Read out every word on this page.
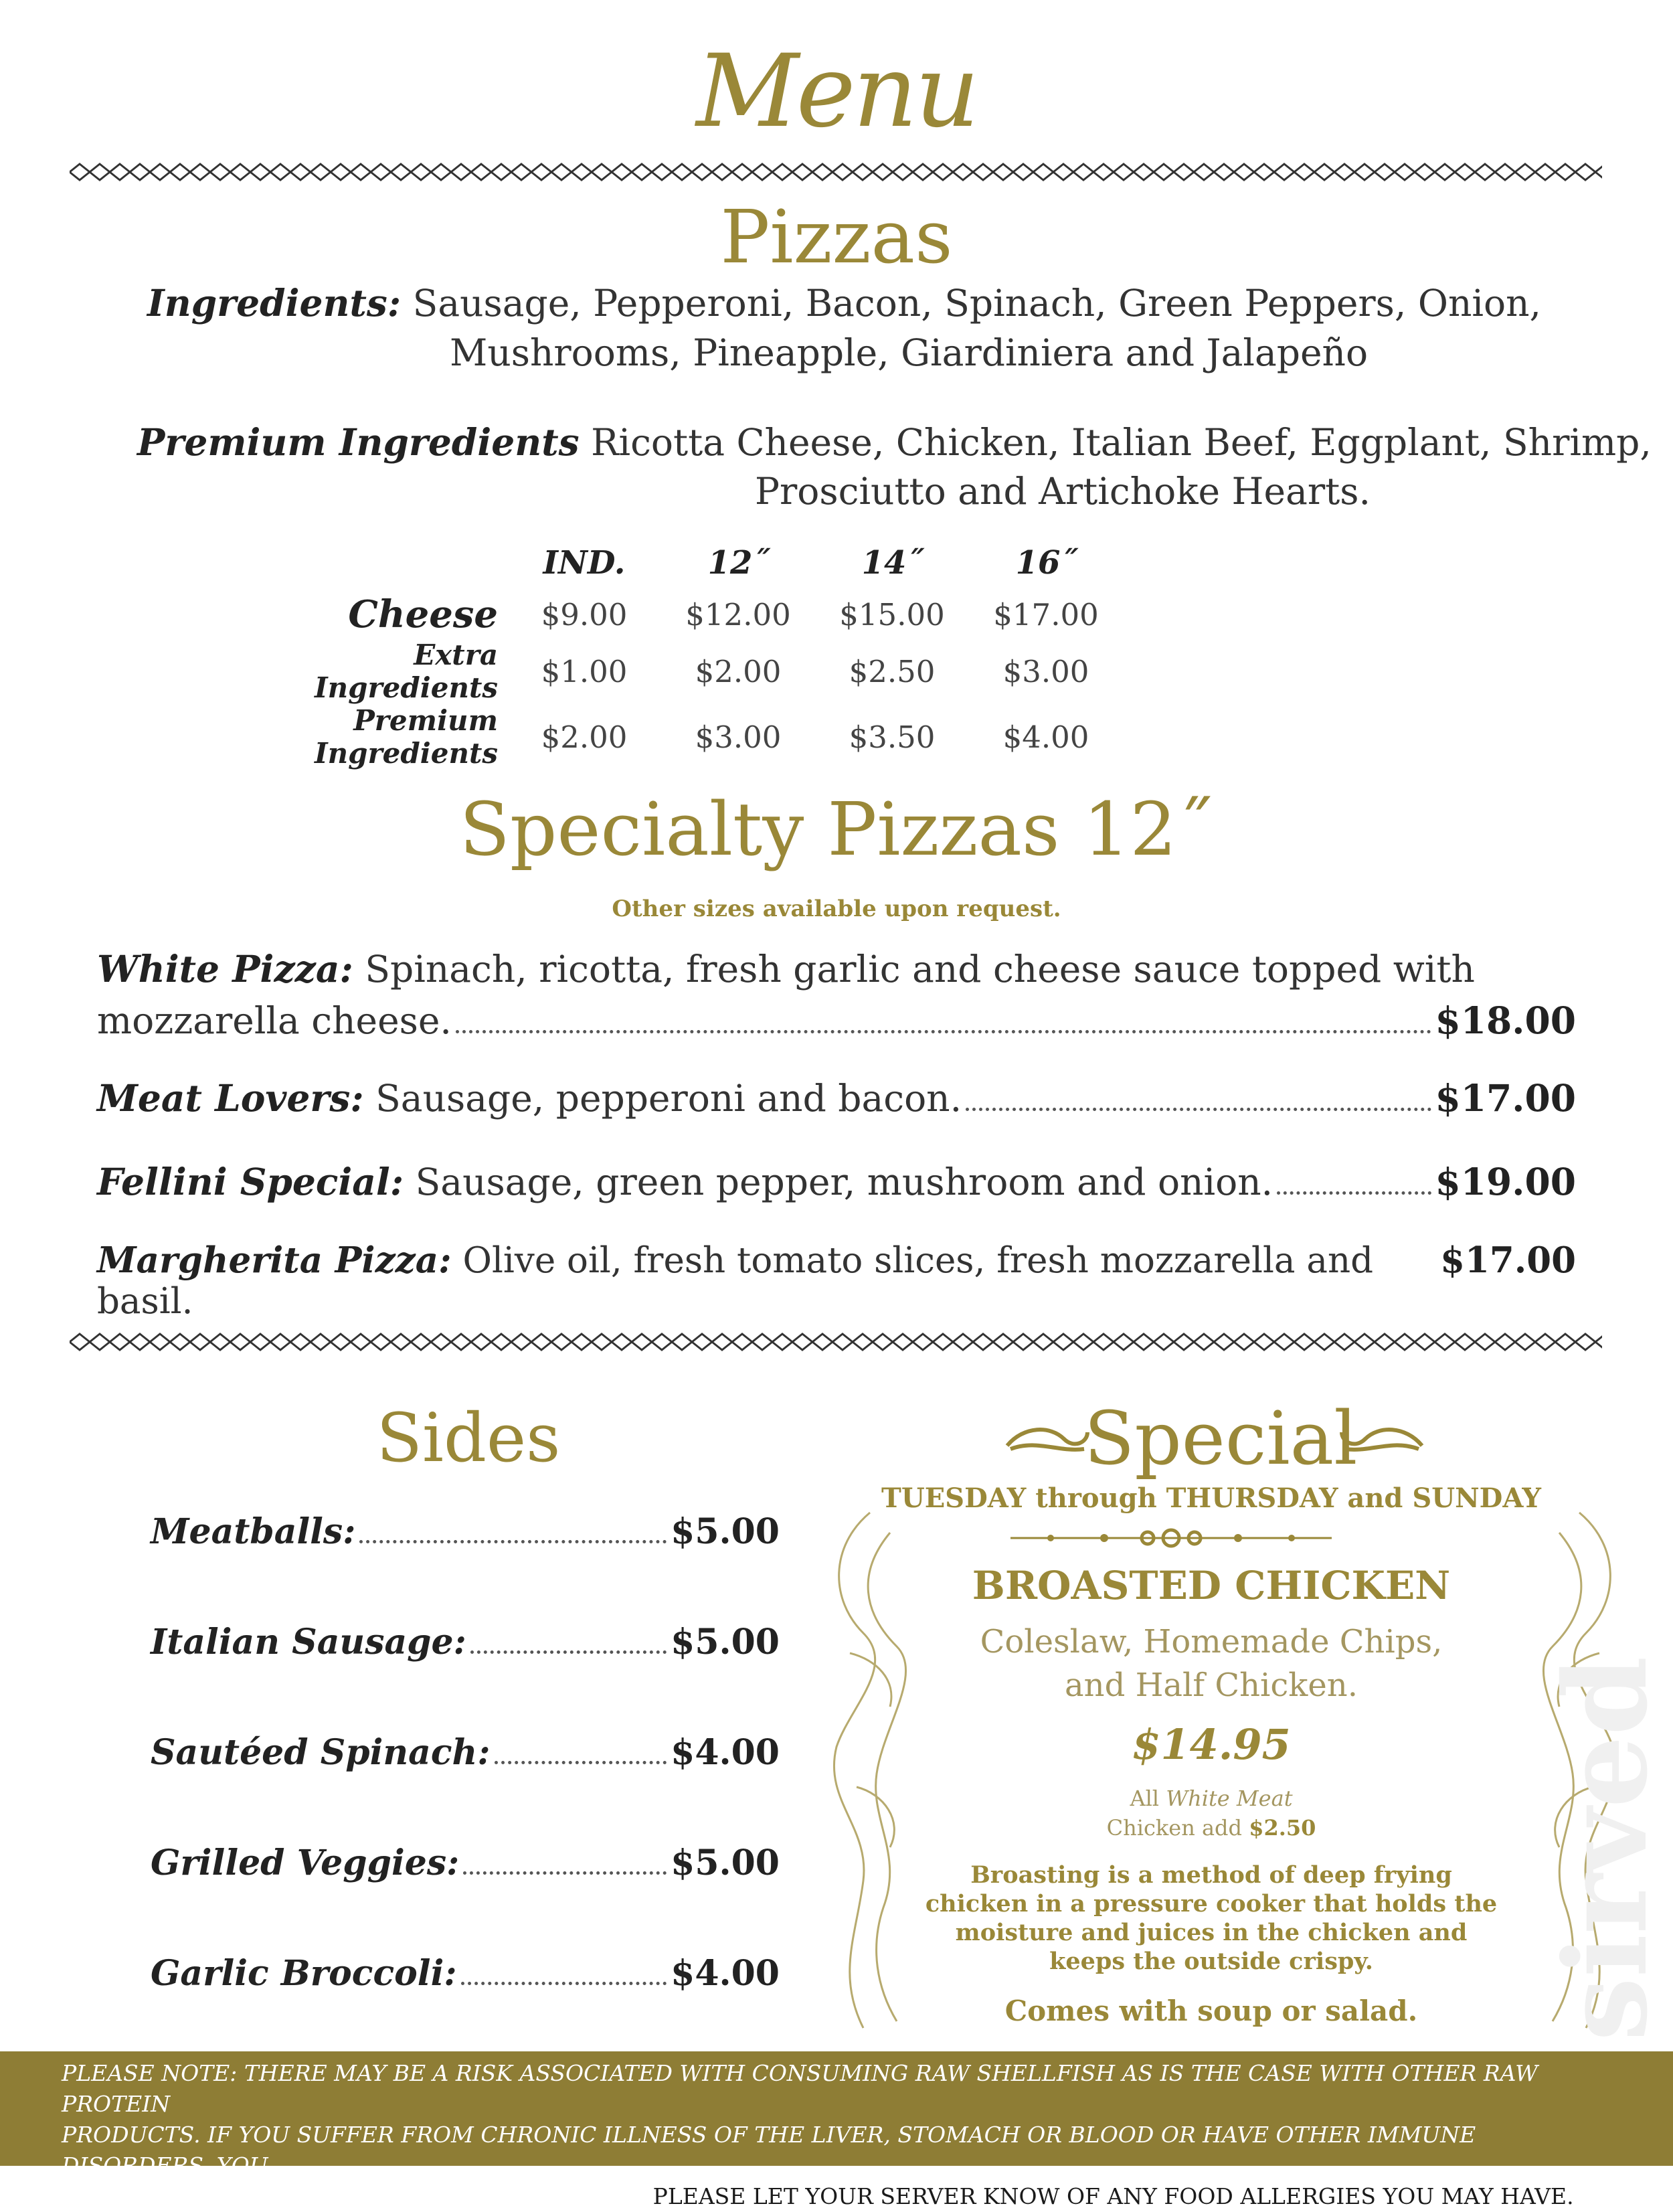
Menu
Pizzas
Ingredients: Sausage, Pepperoni, Bacon, Spinach, Green Peppers, Onion,
Mushrooms, Pineapple, Giardiniera and Jalapeño
Premium Ingredients Ricotta Cheese, Chicken, Italian Beef, Eggplant, Shrimp,
Prosciutto and Artichoke Hearts.
	IND.	12˝	14˝	16˝
Cheese	$9.00	$12.00	$15.00	$17.00
Extra Ingredients	$1.00	$2.00	$2.50	$3.00
Premium Ingredients	$2.00	$3.00	$3.50	$4.00
Specialty Pizzas 12˝
Other sizes available upon request.
White Pizza: Spinach, ricotta, fresh garlic and cheese sauce topped with
mozzarella cheese.	$18.00
Meat Lovers: Sausage, pepperoni and bacon.	$17.00
Fellini Special: Sausage, green pepper, mushroom and onion.	$19.00
Margherita Pizza: Olive oil, fresh tomato slices, fresh mozzarella and basil.
$17.00
Sides
Meatballs:	$5.00
Italian Sausage:	$5.00
Sautéed Spinach:	$4.00
Grilled Veggies:	$5.00
Garlic Broccoli:	$4.00
Special
TUESDAY through THURSDAY and SUNDAY
BROASTED CHICKEN
Coleslaw, Homemade Chips,
and Half Chicken.
$14.95
All White Meat
Chicken add $2.50
Broasting is a method of deep frying
chicken in a pressure cooker that holds the
moisture and juices in the chicken and
keeps the outside crispy.
Comes with soup or salad.	sirved
PLEASE NOTE: THERE MAY BE A RISK ASSOCIATED WITH CONSUMING RAW SHELLFISH AS IS THE CASE WITH OTHER RAW PROTEIN
PRODUCTS. IF YOU SUFFER FROM CHRONIC ILLNESS OF THE LIVER, STOMACH OR BLOOD OR HAVE OTHER IMMUNE DISORDERS, YOU
SHOULD EAT THESE PRODUCTS FULLY COOKED. PLEASE LET YOUR SERVER KNOW OF ANY FOOD ALLERGIES YOU MAY HAVE.
